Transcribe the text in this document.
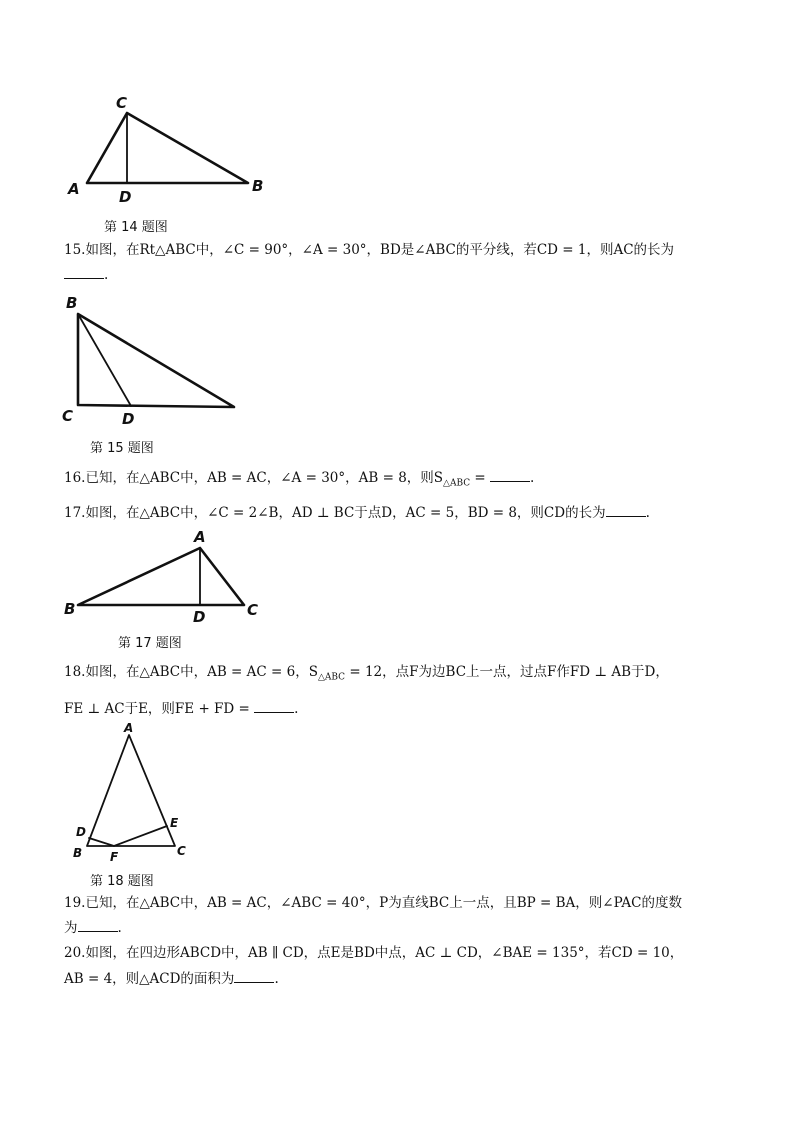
C
A	D
B
第 14 题图
15.如图，在Rt△ABC中，∠C = 90°，∠A = 30°，BD是∠ABC的平分线，若CD = 1，则AC的长为
.
B
C	D
第 15 题图
16.已知，在△ABC中，AB = AC，∠A = 30°，AB = 8，则$S_{\triangle ABC}$ =	.
17.如图，在△ABC中，∠C = 2∠B，AD ⊥ BC于点D，AC = 5，BD = 8，则CD的长为	.
A
B	D	C
第 17 题图
18.如图，在△ABC中，AB = AC = 6，$S_{\triangle ABC} = 12$，点F为边BC上一点，过点F作FD ⊥ AB于D，
FE ⊥ AC于E，则FE + FD =	.
A
D
E
B F	C
第 18 题图
19.已知，在△ABC中，AB = AC，∠ABC = 40°，P为直线BC上一点，且BP = BA，则∠PAC的度数
为	.
20.如图，在四边形ABCD中，AB ∥ CD，点E是BD中点，AC ⊥ CD，∠BAE = 135°，若CD = 10，
AB = 4，则△ACD的面积为	.
